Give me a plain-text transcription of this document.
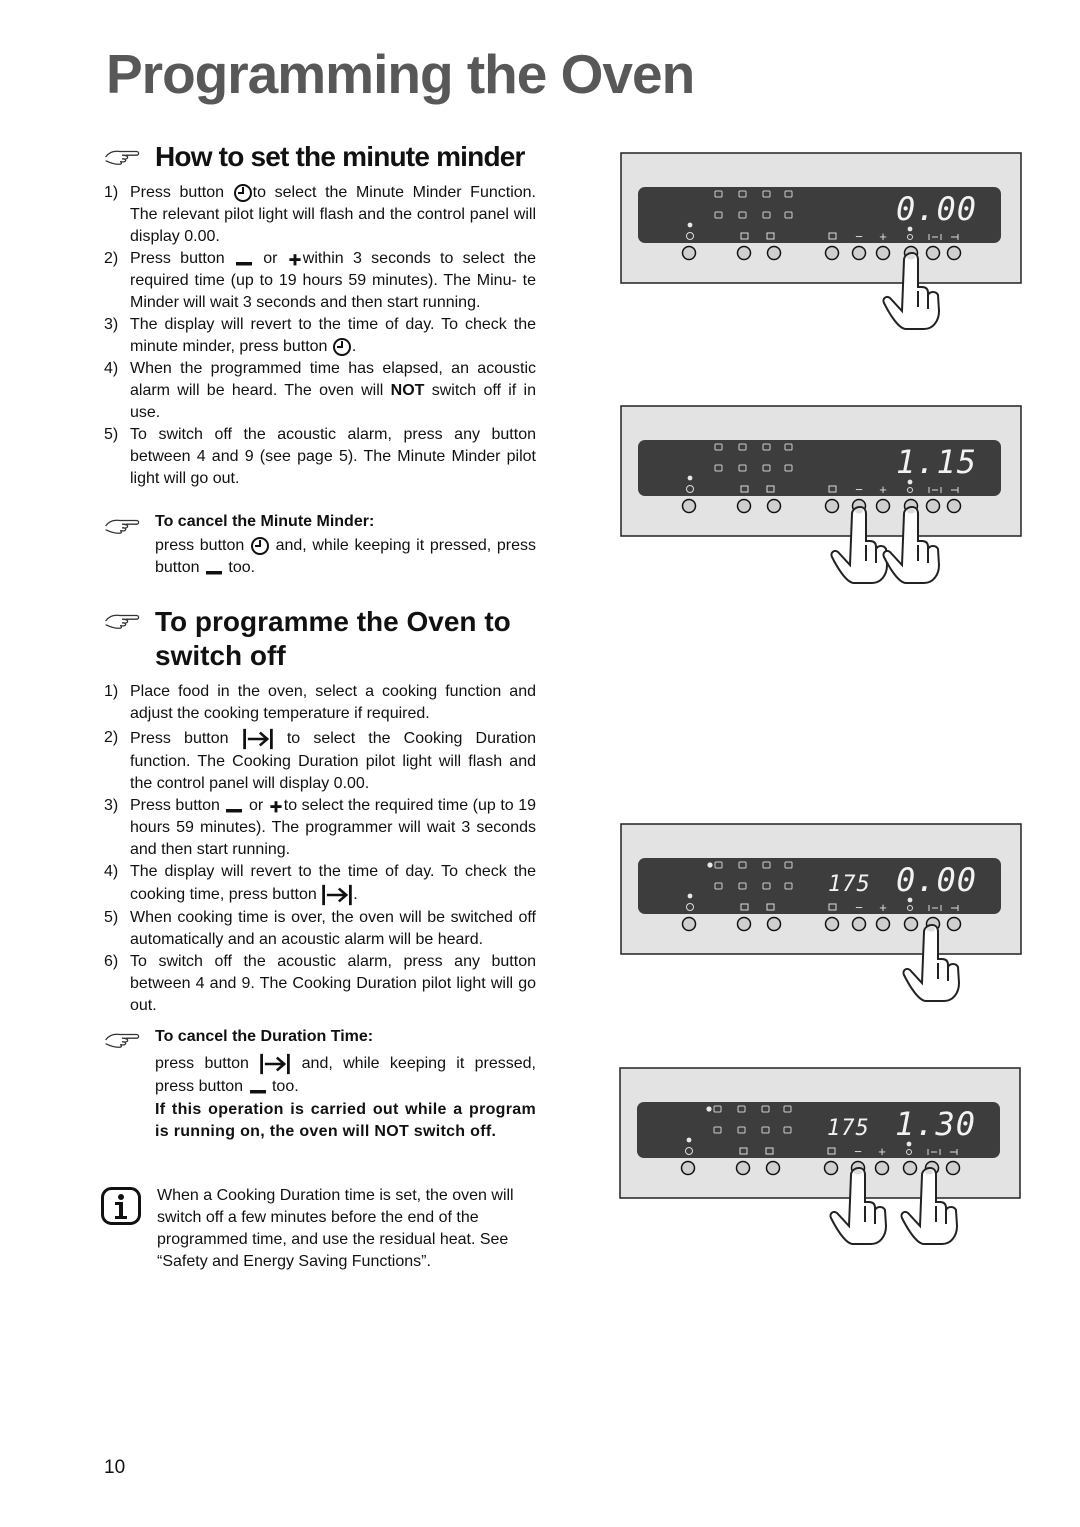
Programming the Oven
How to set the minute minder
1) Press button to select the Minute Minder Function. The relevant pilot light will flash and the control panel will display 0.00.
2) Press button or within 3 seconds to select the required time (up to 19 hours 59 minutes). The Minu- te Minder will wait 3 seconds and then start running.
3) The display will revert to the time of day. To check the minute minder, press button .
4) When the programmed time has elapsed, an acoustic alarm will be heard. The oven will NOT switch off if in use.
5) To switch off the acoustic alarm, press any button between 4 and 9 (see page 5). The Minute Minder pilot light will go out.
To cancel the Minute Minder:
press button and, while keeping it pressed, press button too.
To programme the Oven to
switch off
1) Place food in the oven, select a cooking function and adjust the cooking temperature if required.
2) Press button	to select the Cooking Duration function. The Cooking Duration pilot light will flash and the control panel will display 0.00.
3) Press button or to select the required time (up to 19 hours 59 minutes). The programmer will wait 3 seconds and then start running.
4) The display will revert to the time of day. To check the cooking time, press button .
5) When cooking time is over, the oven will be switched off automatically and an acoustic alarm will be heard.
6) To switch off the acoustic alarm, press any button between 4 and 9. The Cooking Duration pilot light will go out.
To cancel the Duration Time:
press button	and, while keeping it pressed, press button too.
If this operation is carried out while a program is running on, the oven will NOT switch off.
When a Cooking Duration time is set, the oven will switch off a few minutes before the end of the programmed time, and use the residual heat. See “Safety and Energy Saving Functions”.
10
− +
0.00
− +
1.15
− +
0.00
175
− +
1.30
175
